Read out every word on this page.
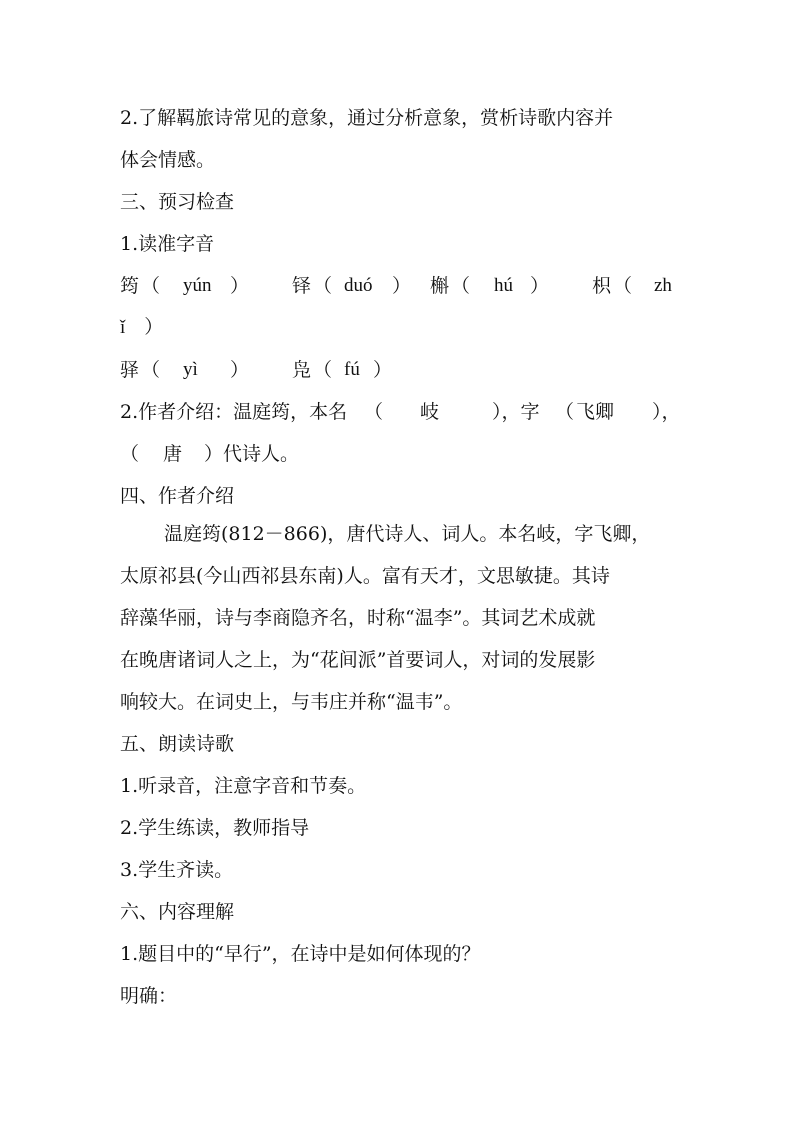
2.了解羁旅诗常见的意象，通过分析意象，赏析诗歌内容并
体会情感。
三、预习检查
1.读准字音
筠 （ yún ） 铎 （ duó ） 槲 （ hú ） 枳 （ zh
ǐ　）
驿 （ yì ） 凫 （ fú ）
2.作者介绍：温庭筠，本名 （ 岐	），字 （ 飞卿 ），
（ 唐 ）代诗人。
四、作者介绍
温庭筠(812－866)，唐代诗人、词人。本名岐，字飞卿，
太原祁县(今山西祁县东南)人。富有天才，文思敏捷。其诗
辞藻华丽，诗与李商隐齐名，时称“温李”。其词艺术成就
在晚唐诸词人之上，为“花间派”首要词人，对词的发展影
响较大。在词史上，与韦庄并称“温韦”。
五、朗读诗歌
1.听录音，注意字音和节奏。
2.学生练读，教师指导
3.学生齐读。
六、内容理解
1.题目中的“早行”，在诗中是如何体现的？
明确：
